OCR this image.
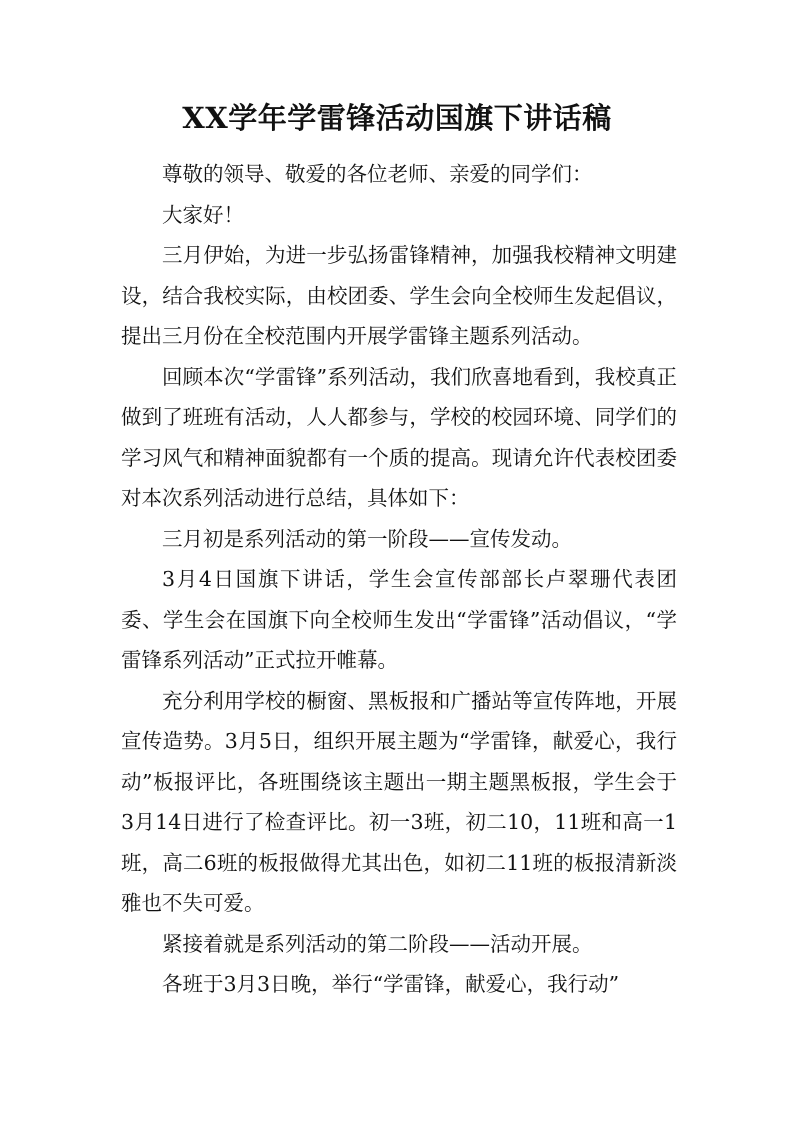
XX学年学雷锋活动国旗下讲话稿

尊敬的领导、敬爱的各位老师、亲爱的同学们：

大家好！

三月伊始，为进一步弘扬雷锋精神，加强我校精神文明建设，结合我校实际，由校团委、学生会向全校师生发起倡议，提出三月份在全校范围内开展学雷锋主题系列活动。

回顾本次“学雷锋”系列活动，我们欣喜地看到，我校真正做到了班班有活动，人人都参与，学校的校园环境、同学们的学习风气和精神面貌都有一个质的提高。现请允许代表校团委对本次系列活动进行总结，具体如下：

三月初是系列活动的第一阶段——宣传发动。

3月4日国旗下讲话，学生会宣传部部长卢翠珊代表团委、学生会在国旗下向全校师生发出“学雷锋”活动倡议，“学雷锋系列活动”正式拉开帷幕。

充分利用学校的橱窗、黑板报和广播站等宣传阵地，开展宣传造势。3月5日，组织开展主题为“学雷锋，献爱心，我行动”板报评比，各班围绕该主题出一期主题黑板报，学生会于3月14日进行了检查评比。初一3班，初二10，11班和高一1班，高二6班的板报做得尤其出色，如初二11班的板报清新淡雅也不失可爱。

紧接着就是系列活动的第二阶段——活动开展。

各班于3月3日晚，举行“学雷锋，献爱心，我行动”
